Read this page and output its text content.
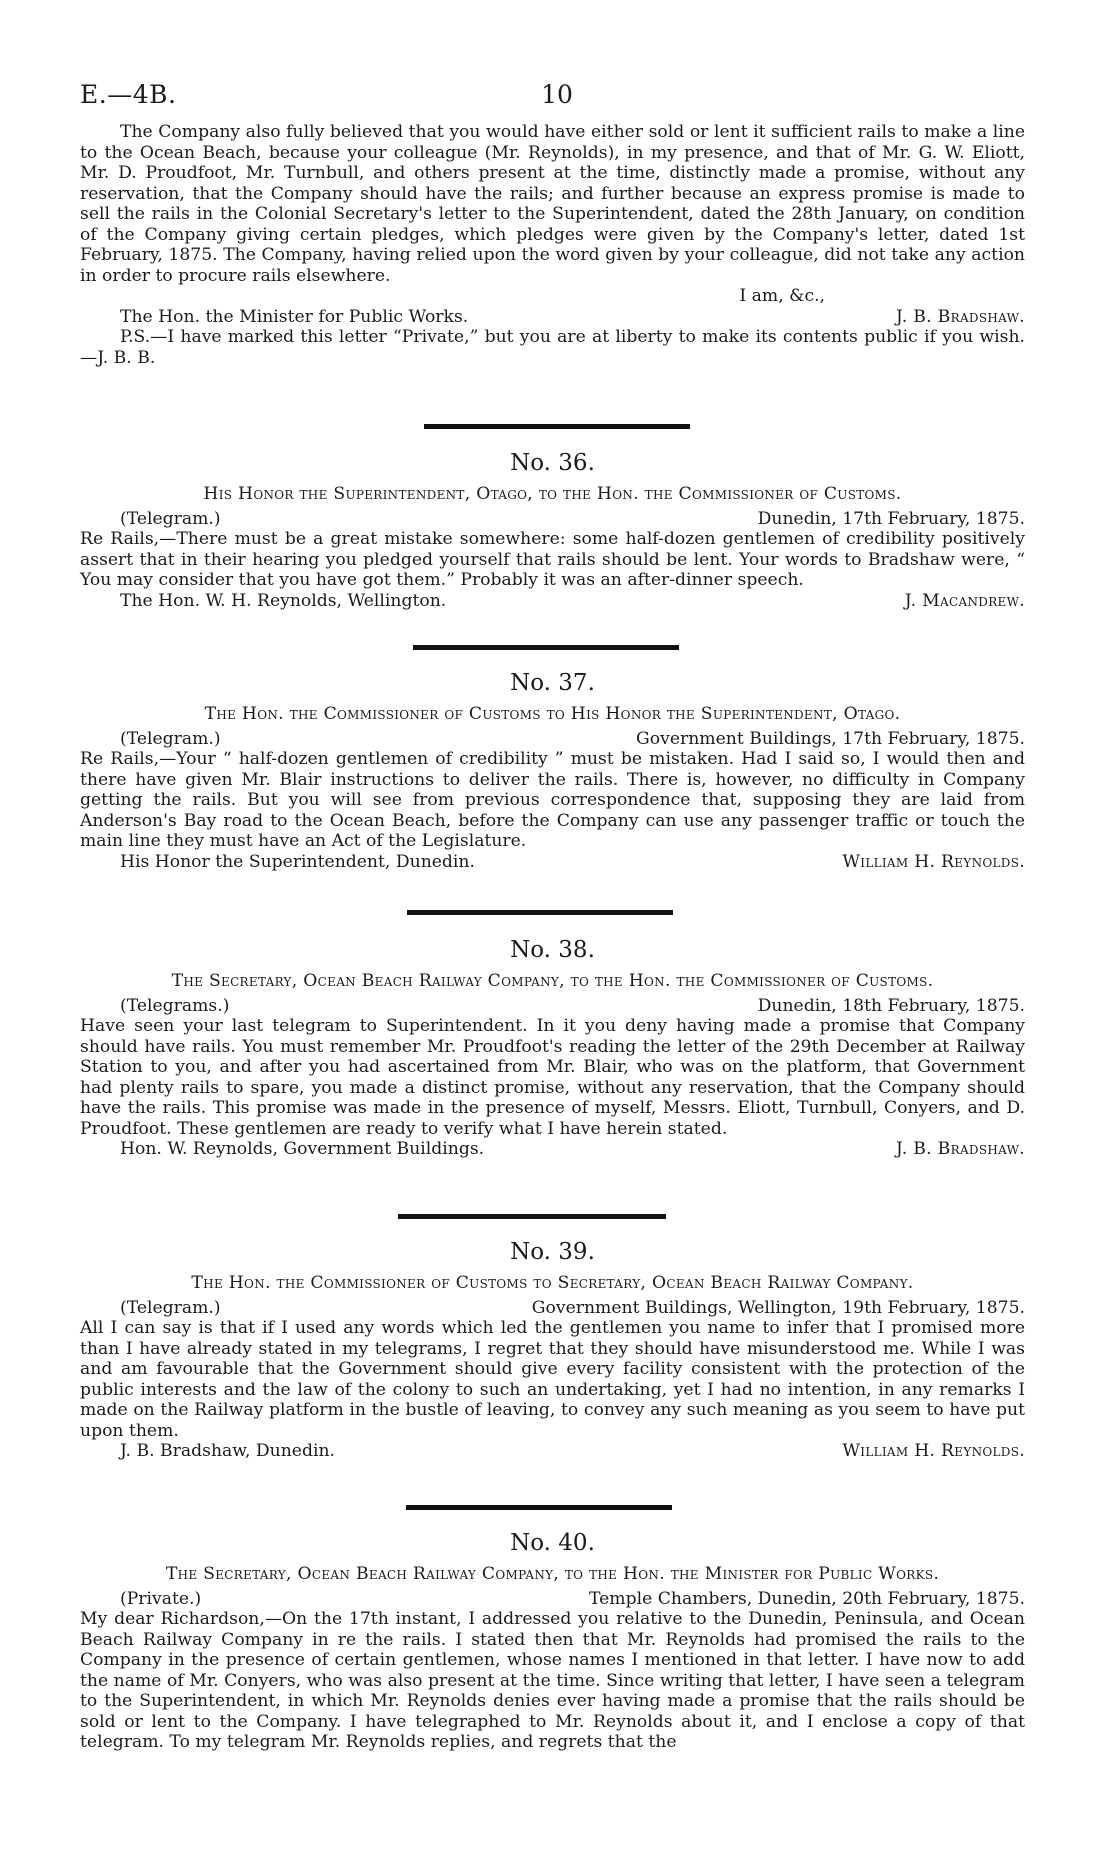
E.—4B.	10

The Company also fully believed that you would have either sold or lent it sufficient rails to make a line to the Ocean Beach, because your colleague (Mr. Reynolds), in my presence, and that of Mr. G. W. Eliott, Mr. D. Proudfoot, Mr. Turnbull, and others present at the time, distinctly made a promise, without any reservation, that the Company should have the rails; and further because an express promise is made to sell the rails in the Colonial Secretary's letter to the Superintendent, dated the 28th January, on condition of the Company giving certain pledges, which pledges were given by the Company's letter, dated 1st February, 1875. The Company, having relied upon the word given by your colleague, did not take any action in order to procure rails elsewhere.

I am, &c.,
The Hon. the Minister for Public Works.	J. B. Bradshaw.

P.S.—I have marked this letter “Private,” but you are at liberty to make its contents public if you wish.—J. B. B.

No. 36.

His Honor the Superintendent, Otago, to the Hon. the Commissioner of Customs.

(Telegram.)	Dunedin, 17th February, 1875.

Re Rails,—There must be a great mistake somewhere: some half-dozen gentlemen of credibility positively assert that in their hearing you pledged yourself that rails should be lent. Your words to Bradshaw were, “ You may consider that you have got them.” Probably it was an after-dinner speech.

The Hon. W. H. Reynolds, Wellington.	J. Macandrew.
No. 37.

The Hon. the Commissioner of Customs to His Honor the Superintendent, Otago.

(Telegram.)	Government Buildings, 17th February, 1875.

Re Rails,—Your “ half-dozen gentlemen of credibility ” must be mistaken. Had I said so, I would then and there have given Mr. Blair instructions to deliver the rails. There is, however, no difficulty in Company getting the rails. But you will see from previous correspondence that, supposing they are laid from Anderson's Bay road to the Ocean Beach, before the Company can use any passenger traffic or touch the main line they must have an Act of the Legislature.

His Honor the Superintendent, Dunedin.	William H. Reynolds.
No. 38.

The Secretary, Ocean Beach Railway Company, to the Hon. the Commissioner of Customs.

(Telegrams.)	Dunedin, 18th February, 1875.

Have seen your last telegram to Superintendent. In it you deny having made a promise that Company should have rails. You must remember Mr. Proudfoot's reading the letter of the 29th December at Railway Station to you, and after you had ascertained from Mr. Blair, who was on the platform, that Government had plenty rails to spare, you made a distinct promise, without any reservation, that the Company should have the rails. This promise was made in the presence of myself, Messrs. Eliott, Turnbull, Conyers, and D. Proudfoot. These gentlemen are ready to verify what I have herein stated.

Hon. W. Reynolds, Government Buildings.	J. B. Bradshaw.
No. 39.

The Hon. the Commissioner of Customs to Secretary, Ocean Beach Railway Company.

(Telegram.)	Government Buildings, Wellington, 19th February, 1875.

All I can say is that if I used any words which led the gentlemen you name to infer that I promised more than I have already stated in my telegrams, I regret that they should have misunderstood me. While I was and am favourable that the Government should give every facility consistent with the protection of the public interests and the law of the colony to such an undertaking, yet I had no intention, in any remarks I made on the Railway platform in the bustle of leaving, to convey any such meaning as you seem to have put upon them.

J. B. Bradshaw, Dunedin.	William H. Reynolds.
No. 40.

The Secretary, Ocean Beach Railway Company, to the Hon. the Minister for Public Works.

(Private.)	Temple Chambers, Dunedin, 20th February, 1875.

My dear Richardson,—On the 17th instant, I addressed you relative to the Dunedin, Peninsula, and Ocean Beach Railway Company in re the rails. I stated then that Mr. Reynolds had promised the rails to the Company in the presence of certain gentlemen, whose names I mentioned in that letter. I have now to add the name of Mr. Conyers, who was also present at the time. Since writing that letter, I have seen a telegram to the Superintendent, in which Mr. Reynolds denies ever having made a promise that the rails should be sold or lent to the Company. I have telegraphed to Mr. Reynolds about it, and I enclose a copy of that telegram. To my telegram Mr. Reynolds replies, and regrets that the
